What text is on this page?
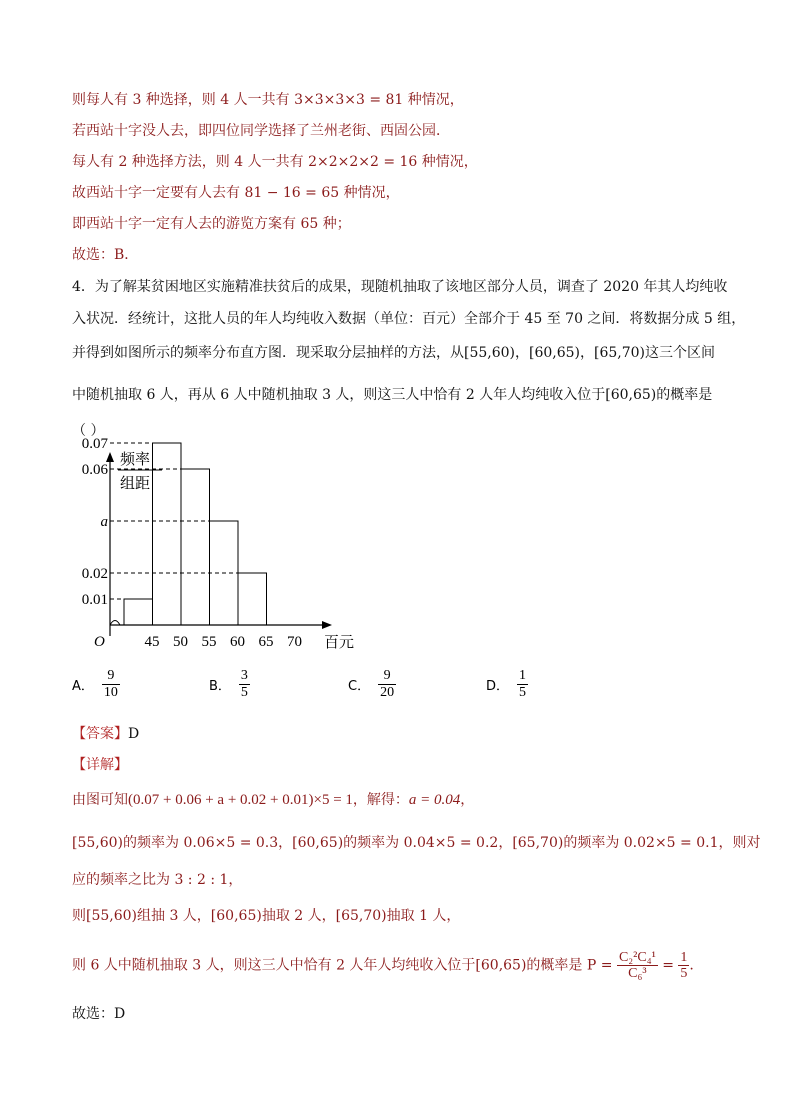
则每人有 3 种选择，则 4 人一共有 3×3×3×3 = 81 种情况，
若西站十字没人去，即四位同学选择了兰州老街、西固公园．
每人有 2 种选择方法，则 4 人一共有 2×2×2×2 = 16 种情况，
故西站十字一定要有人去有 81 − 16 = 65 种情况，
即西站十字一定有人去的游览方案有 65 种；
故选：B．
4．为了解某贫困地区实施精准扶贫后的成果，现随机抽取了该地区部分人员，调查了 2020 年其人均纯收
入状况．经统计，这批人员的年人均纯收入数据（单位：百元）全部介于 45 至 70 之间．将数据分成 5 组，
并得到如图所示的频率分布直方图．现采取分层抽样的方法，从[55,60)，[60,65)，[65,70)这三个区间
中随机抽取 6 人，再从 6 人中随机抽取 3 人，则这三人中恰有 2 人年人均纯收入位于[60,65)的概率是
（ ）
频率
组距
O	百元
0.07
0.06
a
0.02
0.01
45 50 55 60 65 70
A． $\frac{9}{10}$	B． $\frac{3}{5}$	C． $\frac{9}{20}$	D． $\frac{1}{5}$
【答案】D
【详解】
由图可知(0.07 + 0.06 + a + 0.02 + 0.01)×5 = 1，解得：a = 0.04，
[55,60)的频率为 0.06×5 = 0.3，[60,65)的频率为 0.04×5 = 0.2，[65,70)的频率为 0.02×5 = 0.1，则对
应的频率之比为 3 : 2 : 1，
则[55,60)组抽 3 人，[60,65)抽取 2 人，[65,70)抽取 1 人，
则 6 人中随机抽取 3 人，则这三人中恰有 2 人年人均纯收入位于[60,65)的概率是 $P = \frac{\text{C₂²C₄¹}}{\text{C₆³}} = \frac{1}{5}$ .
故选：D
